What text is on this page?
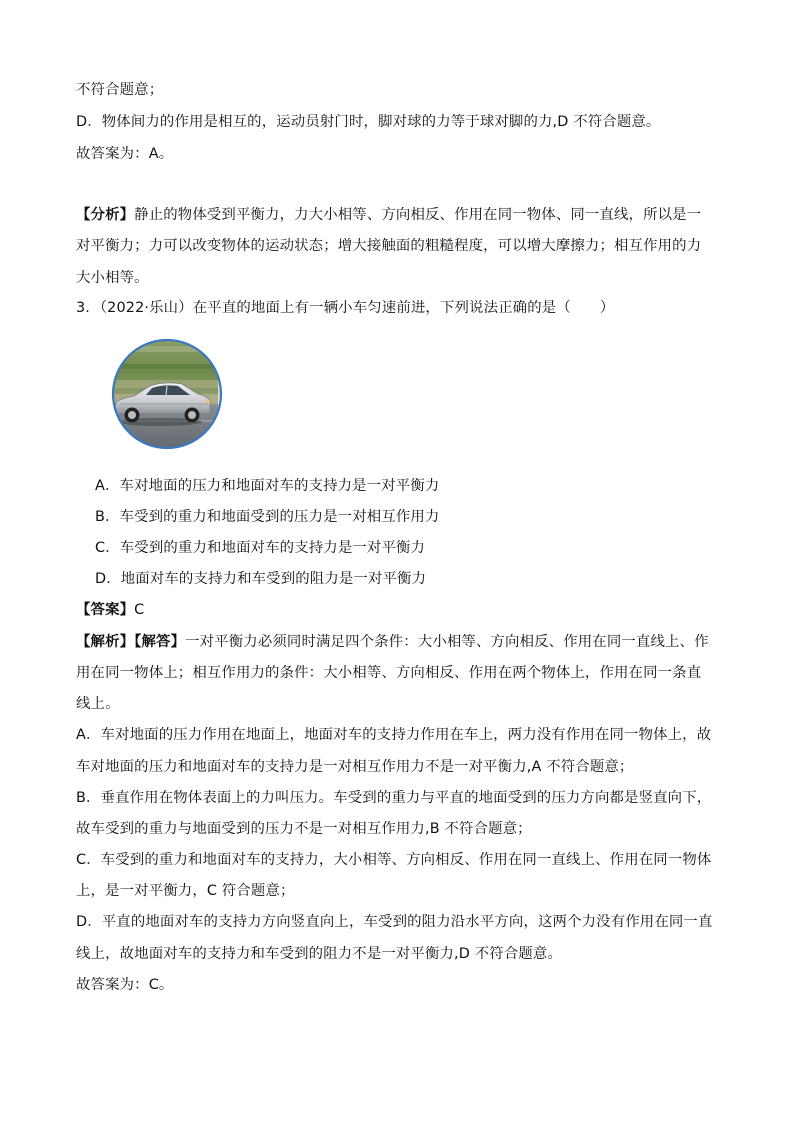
不符合题意；
D．物体间力的作用是相互的，运动员射门时，脚对球的力等于球对脚的力,D 不符合题意。
故答案为：A。
【分析】静止的物体受到平衡力，力大小相等、方向相反、作用在同一物体、同一直线，所以是一
对平衡力；力可以改变物体的运动状态；增大接触面的粗糙程度，可以增大摩擦力；相互作用的力
大小相等。
3．（2022·乐山）在平直的地面上有一辆小车匀速前进，下列说法正确的是（　　）
A．车对地面的压力和地面对车的支持力是一对平衡力
B．车受到的重力和地面受到的压力是一对相互作用力
C．车受到的重力和地面对车的支持力是一对平衡力
D．地面对车的支持力和车受到的阻力是一对平衡力
【答案】C
【解析】【解答】一对平衡力必须同时满足四个条件：大小相等、方向相反、作用在同一直线上、作
用在同一物体上；相互作用力的条件：大小相等、方向相反、作用在两个物体上，作用在同一条直
线上。
A．车对地面的压力作用在地面上，地面对车的支持力作用在车上，两力没有作用在同一物体上，故
车对地面的压力和地面对车的支持力是一对相互作用力不是一对平衡力,A 不符合题意；
B．垂直作用在物体表面上的力叫压力。车受到的重力与平直的地面受到的压力方向都是竖直向下，
故车受到的重力与地面受到的压力不是一对相互作用力,B 不符合题意；
C．车受到的重力和地面对车的支持力，大小相等、方向相反、作用在同一直线上、作用在同一物体
上，是一对平衡力，C 符合题意；
D．平直的地面对车的支持力方向竖直向上，车受到的阻力沿水平方向，这两个力没有作用在同一直
线上，故地面对车的支持力和车受到的阻力不是一对平衡力,D 不符合题意。
故答案为：C。
